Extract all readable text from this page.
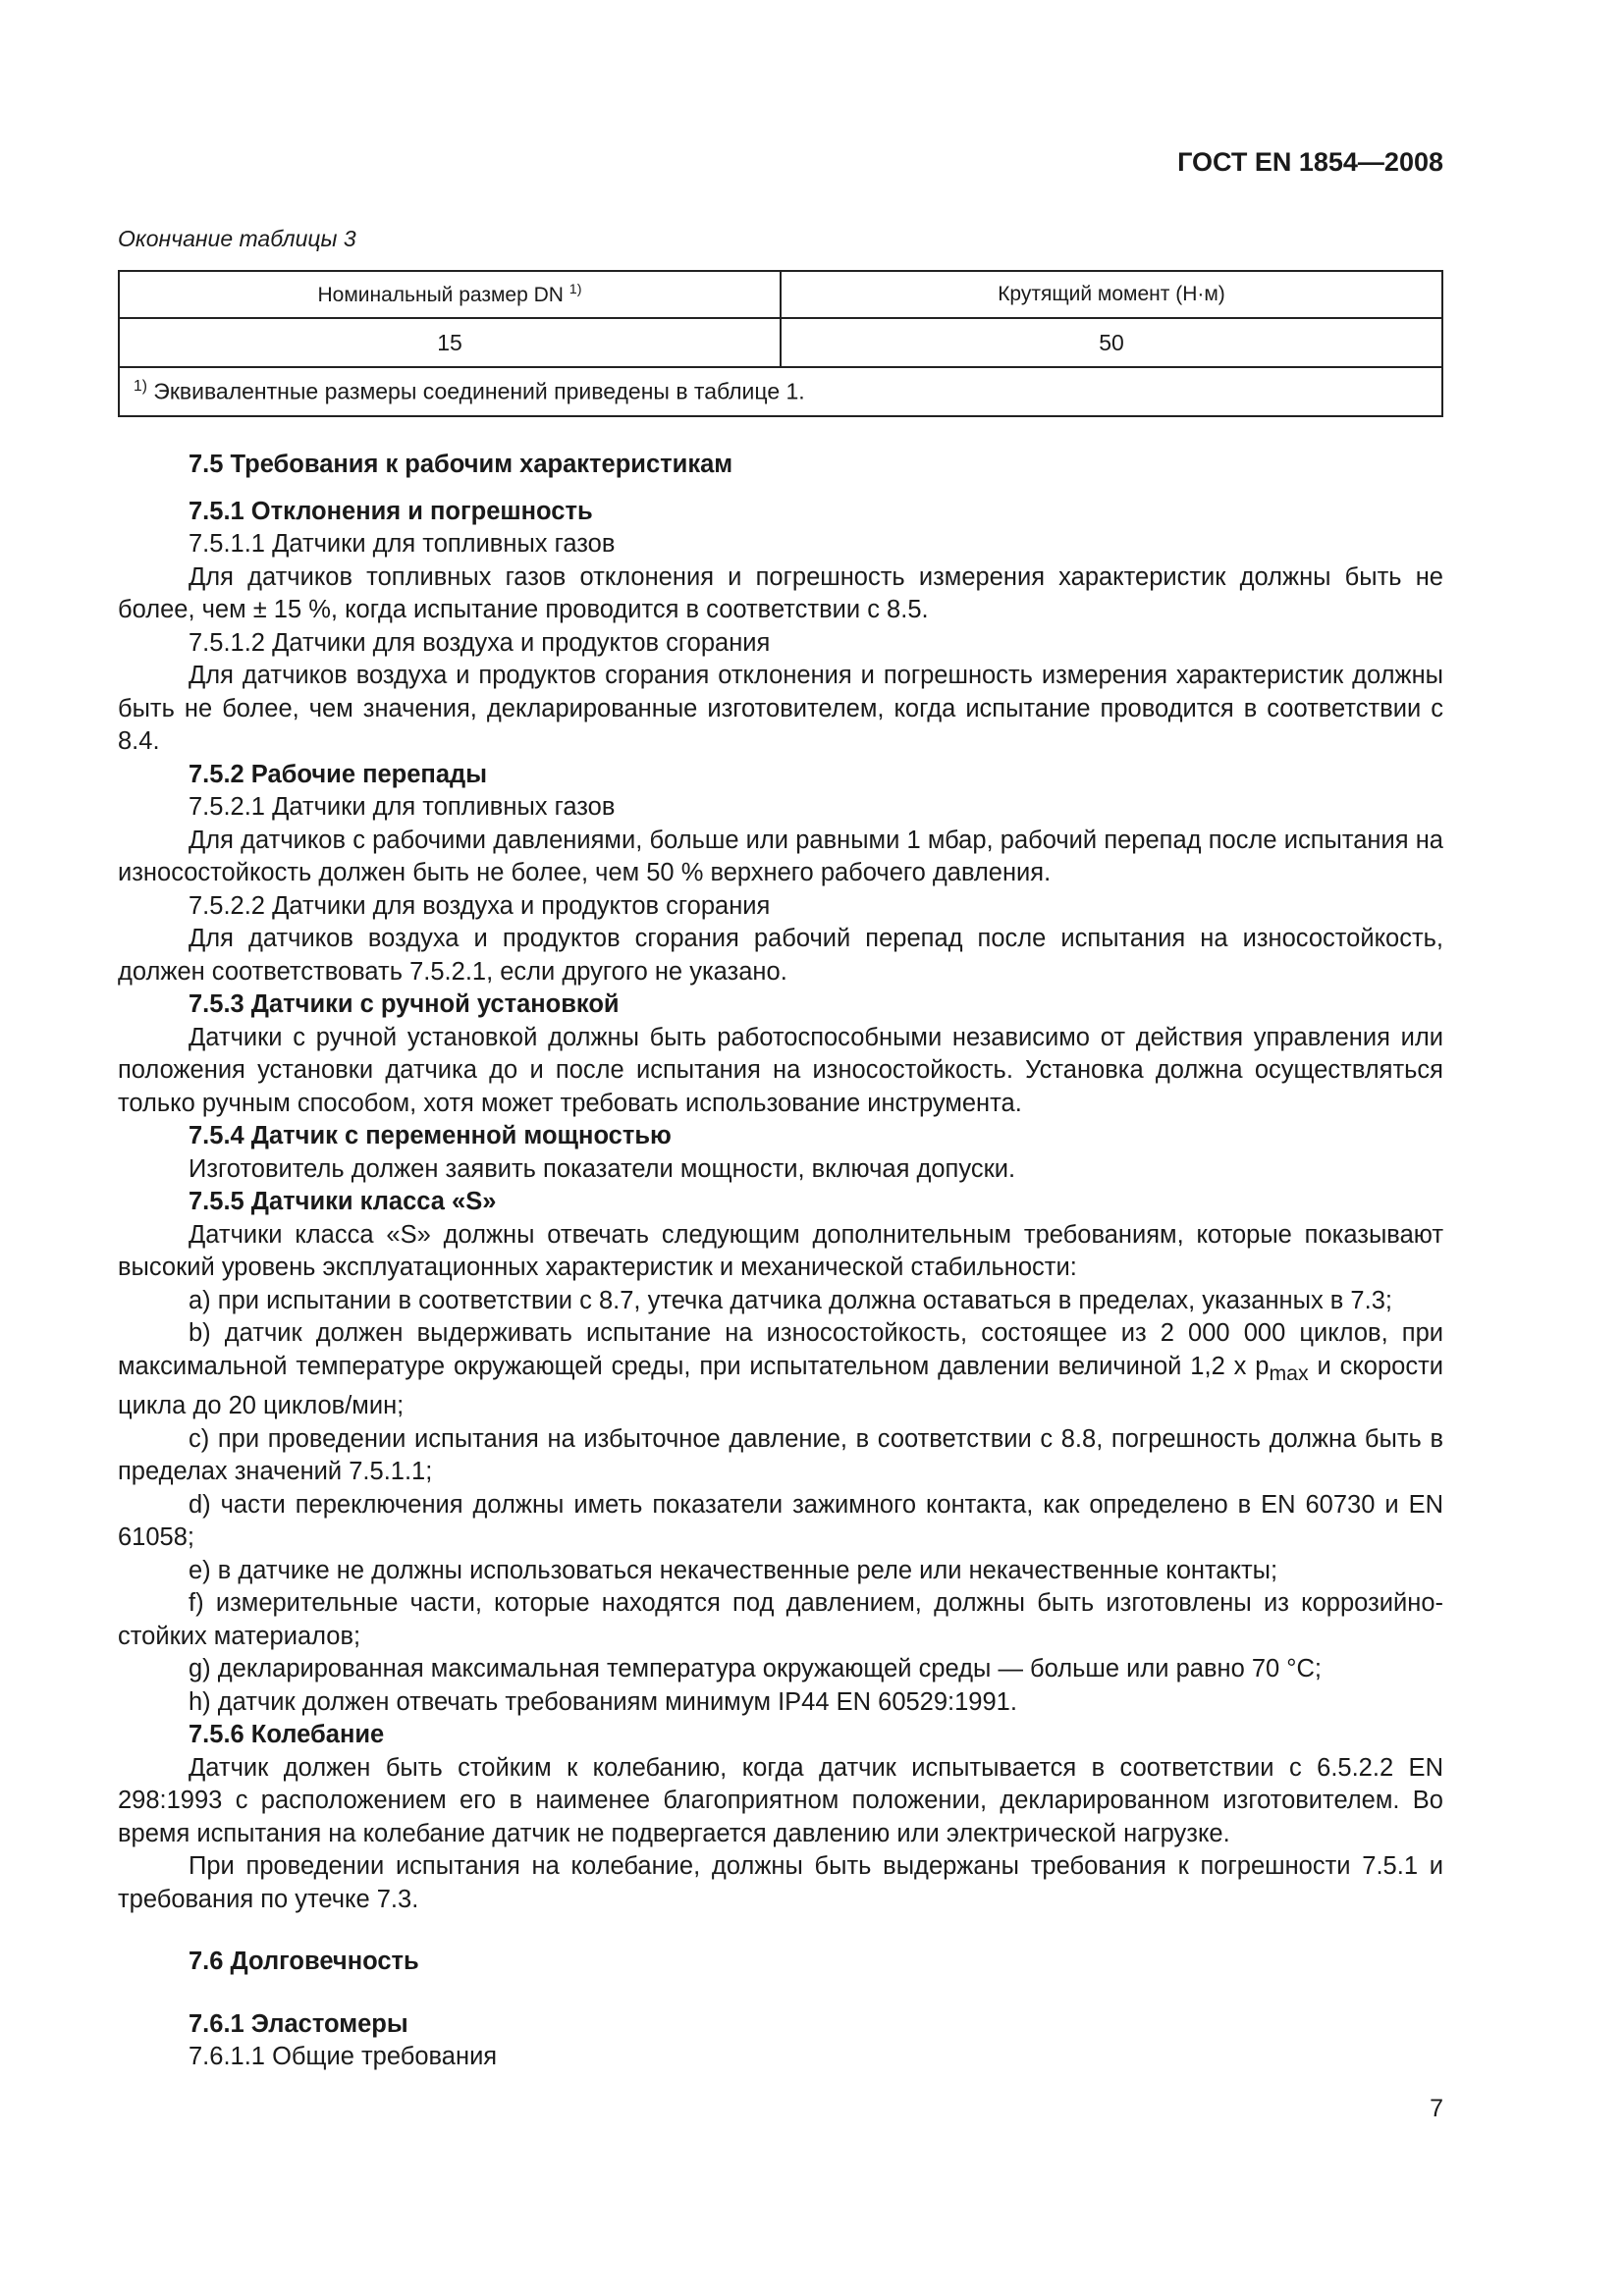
ГОСТ EN 1854—2008
Окончание таблицы 3
Номинальный размер DN $^{1)}$	Крутящий момент (Н·м)
15	50
$^{1)}$ Эквивалентные размеры соединений приведены в таблице 1.	

7.5 Требования к рабочим характеристикам

7.5.1 Отклонения и погрешность

7.5.1.1 Датчики для топливных газов

Для датчиков топливных газов отклонения и погрешность измерения характеристик должны быть не более, чем ± 15 %, когда испытание проводится в соответствии с 8.5.

7.5.1.2 Датчики для воздуха и продуктов сгорания

Для датчиков воздуха и продуктов сгорания отклонения и погрешность измерения характеристик должны быть не более, чем значения, декларированные изготовителем, когда испытание проводится в соответствии с 8.4.

7.5.2 Рабочие перепады

7.5.2.1 Датчики для топливных газов

Для датчиков с рабочими давлениями, больше или равными 1 мбар, рабочий перепад после испытания на износостойкость должен быть не более, чем 50 % верхнего рабочего давления.

7.5.2.2 Датчики для воздуха и продуктов сгорания

Для датчиков воздуха и продуктов сгорания рабочий перепад после испытания на износостойкость, должен соответствовать 7.5.2.1, если другого не указано.

7.5.3 Датчики с ручной установкой

Датчики с ручной установкой должны быть работоспособными независимо от действия управления или положения установки датчика до и после испытания на износостойкость. Установка должна осуществляться только ручным способом, хотя может требовать использование инструмента.

7.5.4 Датчик с переменной мощностью

Изготовитель должен заявить показатели мощности, включая допуски.

7.5.5 Датчики класса «S»

Датчики класса «S» должны отвечать следующим дополнительным требованиям, которые показывают высокий уровень эксплуатационных характеристик и механической стабильности:

a) при испытании в соответствии с 8.7, утечка датчика должна оставаться в пределах, указанных в 7.3;

b) датчик должен выдерживать испытание на износостойкость, состоящее из 2 000 000 циклов, при максимальной температуре окружающей среды, при испытательном давлении величиной 1,2 x $p_{max}$ и скорости цикла до 20 циклов/мин;

c) при проведении испытания на избыточное давление, в соответствии с 8.8, погрешность должна быть в пределах значений 7.5.1.1;

d) части переключения должны иметь показатели зажимного контакта, как определено в EN 60730 и EN 61058;

e) в датчике не должны использоваться некачественные реле или некачественные контакты;

f) измерительные части, которые находятся под давлением, должны быть изготовлены из коррозийно-стойких материалов;

g) декларированная максимальная температура окружающей среды — больше или равно 70 °C;

h) датчик должен отвечать требованиям минимум IP44 EN 60529:1991.

7.5.6 Колебание

Датчик должен быть стойким к колебанию, когда датчик испытывается в соответствии с 6.5.2.2 EN 298:1993 с расположением его в наименее благоприятном положении, декларированном изготовителем. Во время испытания на колебание датчик не подвергается давлению или электрической нагрузке.

При проведении испытания на колебание, должны быть выдержаны требования к погрешности 7.5.1 и требования по утечке 7.3.

7.6 Долговечность

7.6.1 Эластомеры

7.6.1.1 Общие требования

7
